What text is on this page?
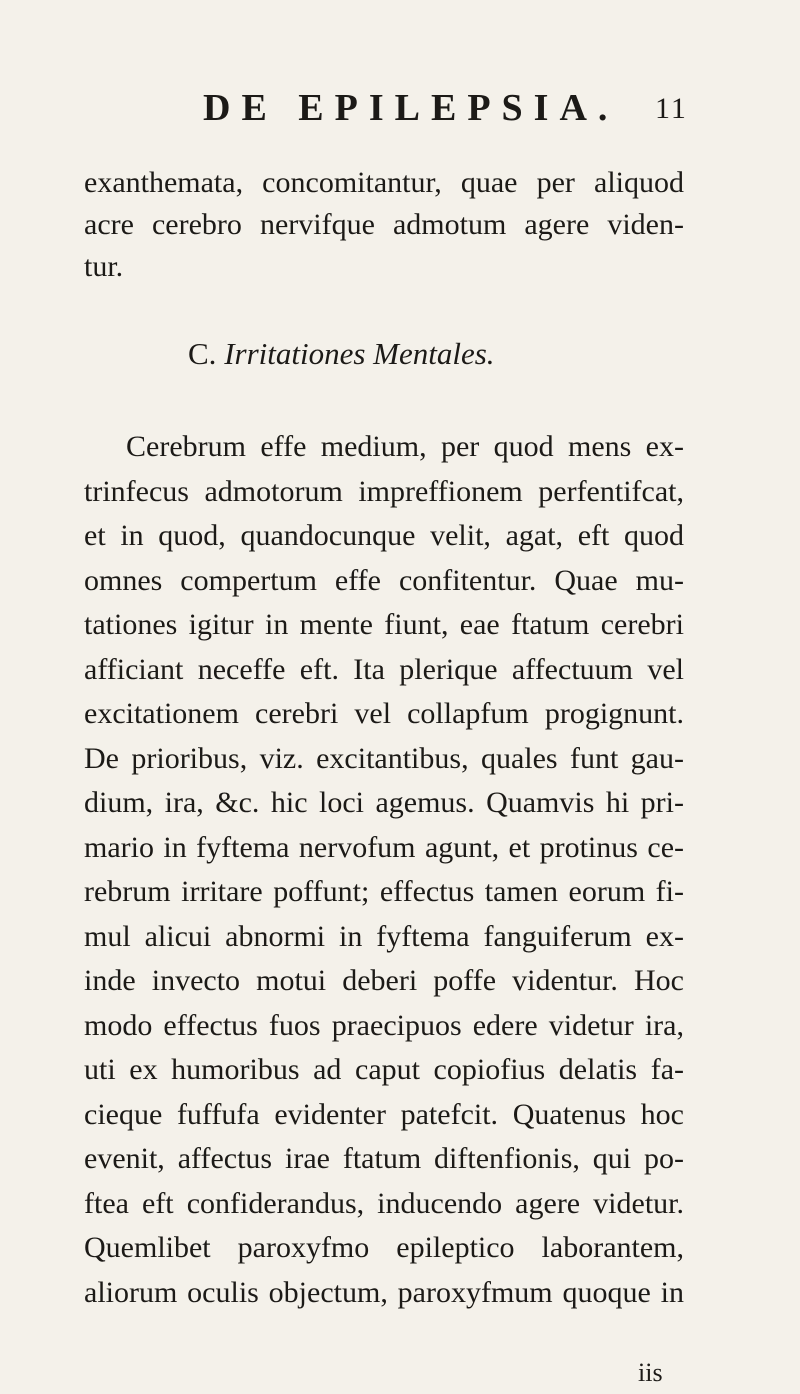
DE EPILEPSIA. 11
exanthemata, concomitantur, quae per aliquod
acre cerebro nervifque admotum agere viden-
tur.
C. Irritationes Mentales.
Cerebrum effe medium, per quod mens ex-
trinfecus admotorum impreffionem perfentifcat,
et in quod, quandocunque velit, agat, eft quod
omnes compertum effe confitentur. Quae mu-
tationes igitur in mente fiunt, eae ftatum cerebri
afficiant neceffe eft. Ita plerique affectuum vel
excitationem cerebri vel collapfum progignunt.
De prioribus, viz. excitantibus, quales funt gau-
dium, ira, &c. hic loci agemus. Quamvis hi pri-
mario in fyftema nervofum agunt, et protinus ce-
rebrum irritare poffunt; effectus tamen eorum fi-
mul alicui abnormi in fyftema fanguiferum ex-
inde invecto motui deberi poffe videntur. Hoc
modo effectus fuos praecipuos edere videtur ira,
uti ex humoribus ad caput copiofius delatis fa-
cieque fuffufa evidenter patefcit. Quatenus hoc
evenit, affectus irae ftatum diftenfionis, qui po-
ftea eft confiderandus, inducendo agere videtur.
Quemlibet paroxyfmo epileptico laborantem,
aliorum oculis objectum, paroxyfmum quoque in
iis
